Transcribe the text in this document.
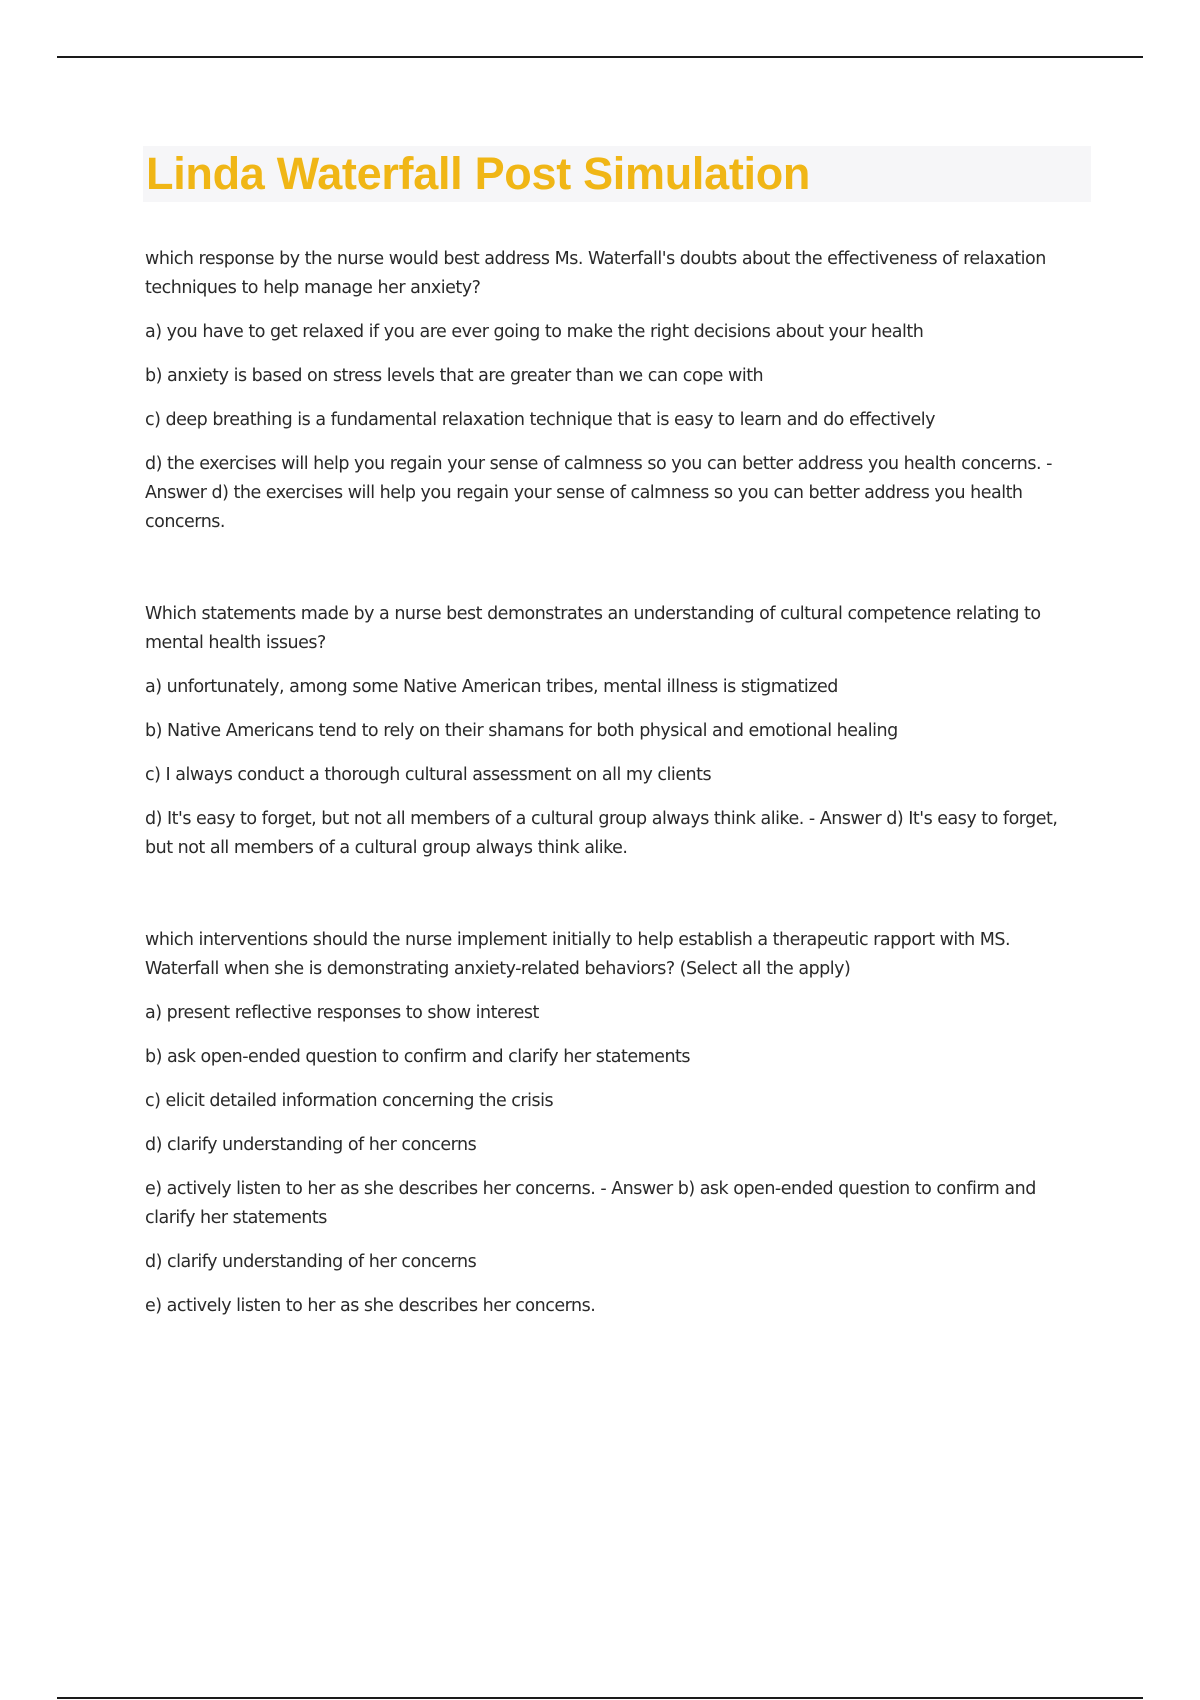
Linda Waterfall Post Simulation

which response by the nurse would best address Ms. Waterfall's doubts about the effectiveness of relaxation techniques to help manage her anxiety?

a) you have to get relaxed if you are ever going to make the right decisions about your health

b) anxiety is based on stress levels that are greater than we can cope with

c) deep breathing is a fundamental relaxation technique that is easy to learn and do effectively

d) the exercises will help you regain your sense of calmness so you can better address you health concerns. - Answer d) the exercises will help you regain your sense of calmness so you can better address you health concerns.

Which statements made by a nurse best demonstrates an understanding of cultural competence relating to mental health issues?

a) unfortunately, among some Native American tribes, mental illness is stigmatized

b) Native Americans tend to rely on their shamans for both physical and emotional healing

c) I always conduct a thorough cultural assessment on all my clients

d) It's easy to forget, but not all members of a cultural group always think alike. - Answer d) It's easy to forget, but not all members of a cultural group always think alike.

which interventions should the nurse implement initially to help establish a therapeutic rapport with MS. Waterfall when she is demonstrating anxiety-related behaviors? (Select all the apply)

a) present reflective responses to show interest

b) ask open-ended question to confirm and clarify her statements

c) elicit detailed information concerning the crisis

d) clarify understanding of her concerns

e) actively listen to her as she describes her concerns. - Answer b) ask open-ended question to confirm and clarify her statements

d) clarify understanding of her concerns

e) actively listen to her as she describes her concerns.
